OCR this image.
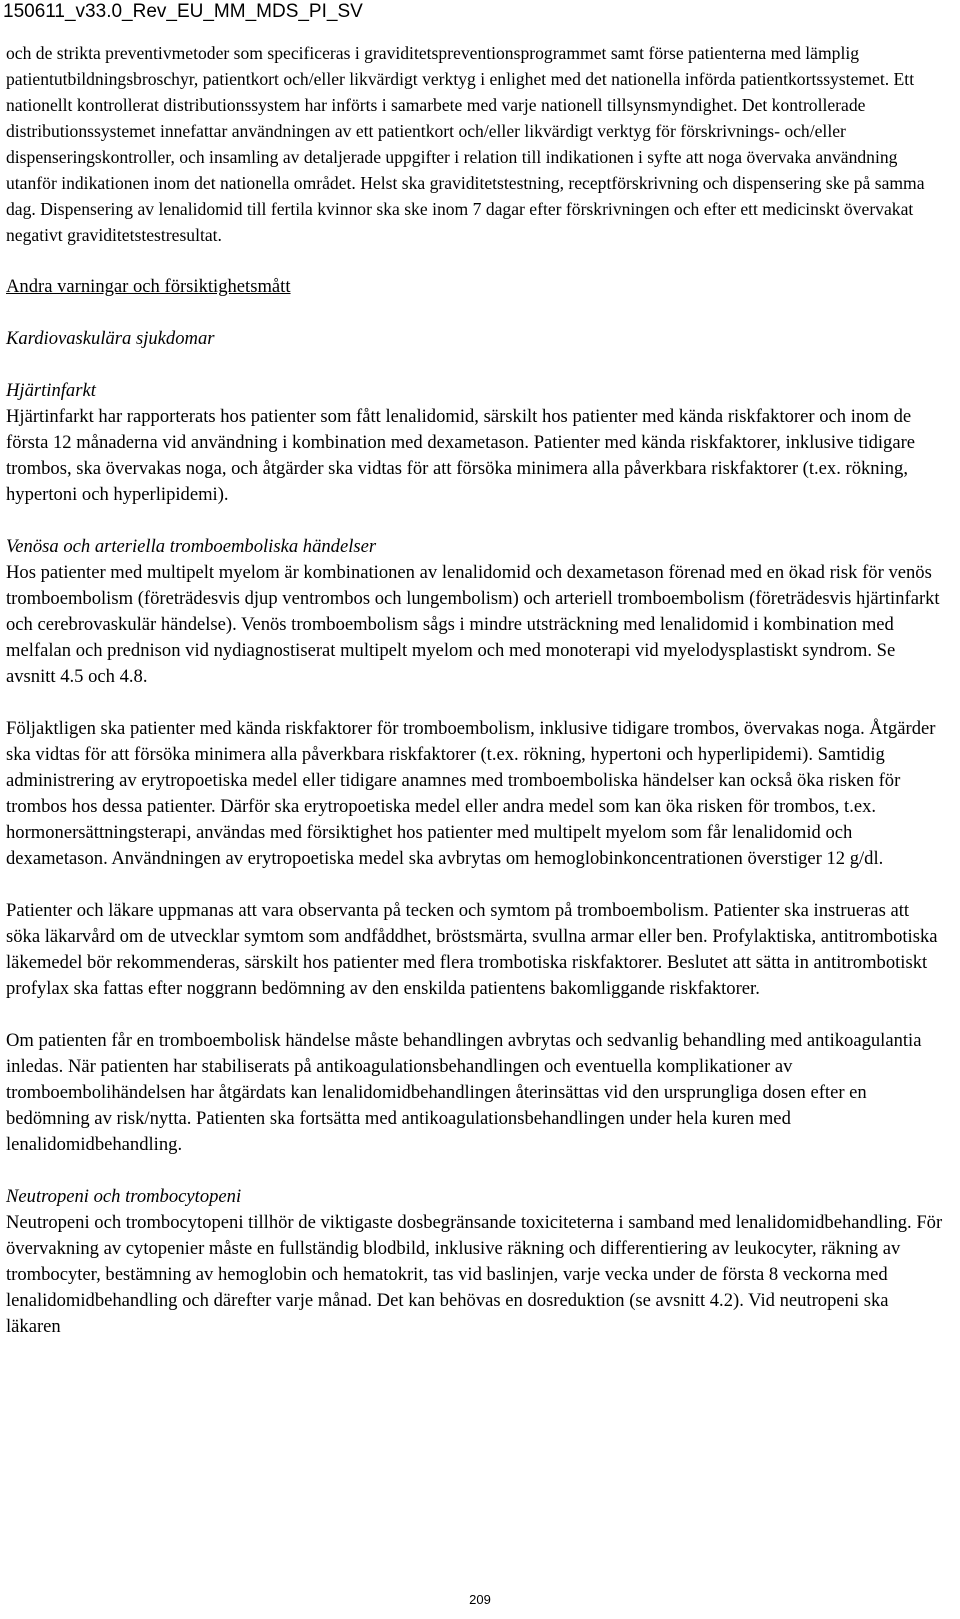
150611_v33.0_Rev_EU_MM_MDS_PI_SV

och de strikta preventivmetoder som specificeras i graviditetspreventionsprogrammet samt förse patienterna med lämplig patientutbildningsbroschyr, patientkort och/eller likvärdigt verktyg i enlighet med det nationella införda patientkortssystemet. Ett nationellt kontrollerat distributionssystem har införts i samarbete med varje nationell tillsynsmyndighet. Det kontrollerade distributionssystemet innefattar användningen av ett patientkort och/eller likvärdigt verktyg för förskrivnings- och/eller dispenseringskontroller, och insamling av detaljerade uppgifter i relation till indikationen i syfte att noga övervaka användning utanför indikationen inom det nationella området. Helst ska graviditetstestning, receptförskrivning och dispensering ske på samma dag. Dispensering av lenalidomid till fertila kvinnor ska ske inom 7 dagar efter förskrivningen och efter ett medicinskt övervakat negativt graviditetstestresultat.

Andra varningar och försiktighetsmått

Kardiovaskulära sjukdomar

Hjärtinfarkt

Hjärtinfarkt har rapporterats hos patienter som fått lenalidomid, särskilt hos patienter med kända riskfaktorer och inom de första 12 månaderna vid användning i kombination med dexametason. Patienter med kända riskfaktorer, inklusive tidigare trombos, ska övervakas noga, och åtgärder ska vidtas för att försöka minimera alla påverkbara riskfaktorer (t.ex. rökning, hypertoni och hyperlipidemi).

Venösa och arteriella tromboemboliska händelser

Hos patienter med multipelt myelom är kombinationen av lenalidomid och dexametason förenad med en ökad risk för venös tromboembolism (företrädesvis djup ventrombos och lungembolism) och arteriell tromboembolism (företrädesvis hjärtinfarkt och cerebrovaskulär händelse). Venös tromboembolism sågs i mindre utsträckning med lenalidomid i kombination med melfalan och prednison vid nydiagnostiserat multipelt myelom och med monoterapi vid myelodysplastiskt syndrom. Se avsnitt 4.5 och 4.8.

Följaktligen ska patienter med kända riskfaktorer för tromboembolism, inklusive tidigare trombos, övervakas noga. Åtgärder ska vidtas för att försöka minimera alla påverkbara riskfaktorer (t.ex. rökning, hypertoni och hyperlipidemi). Samtidig administrering av erytropoetiska medel eller tidigare anamnes med tromboemboliska händelser kan också öka risken för trombos hos dessa patienter. Därför ska erytropoetiska medel eller andra medel som kan öka risken för trombos, t.ex. hormonersättningsterapi, användas med försiktighet hos patienter med multipelt myelom som får lenalidomid och dexametason. Användningen av erytropoetiska medel ska avbrytas om hemoglobinkoncentrationen överstiger 12 g/dl.

Patienter och läkare uppmanas att vara observanta på tecken och symtom på tromboembolism. Patienter ska instrueras att söka läkarvård om de utvecklar symtom som andfåddhet, bröstsmärta, svullna armar eller ben. Profylaktiska, antitrombotiska läkemedel bör rekommenderas, särskilt hos patienter med flera trombotiska riskfaktorer. Beslutet att sätta in antitrombotiskt profylax ska fattas efter noggrann bedömning av den enskilda patientens bakomliggande riskfaktorer.

Om patienten får en tromboembolisk händelse måste behandlingen avbrytas och sedvanlig behandling med antikoagulantia inledas. När patienten har stabiliserats på antikoagulationsbehandlingen och eventuella komplikationer av tromboembolihändelsen har åtgärdats kan lenalidomidbehandlingen återinsättas vid den ursprungliga dosen efter en bedömning av risk/nytta. Patienten ska fortsätta med antikoagulationsbehandlingen under hela kuren med lenalidomidbehandling.

Neutropeni och trombocytopeni

Neutropeni och trombocytopeni tillhör de viktigaste dosbegränsande toxiciteterna i samband med lenalidomidbehandling. För övervakning av cytopenier måste en fullständig blodbild, inklusive räkning och differentiering av leukocyter, räkning av trombocyter, bestämning av hemoglobin och hematokrit, tas vid baslinjen, varje vecka under de första 8 veckorna med lenalidomidbehandling och därefter varje månad. Det kan behövas en dosreduktion (se avsnitt 4.2). Vid neutropeni ska läkaren

209
